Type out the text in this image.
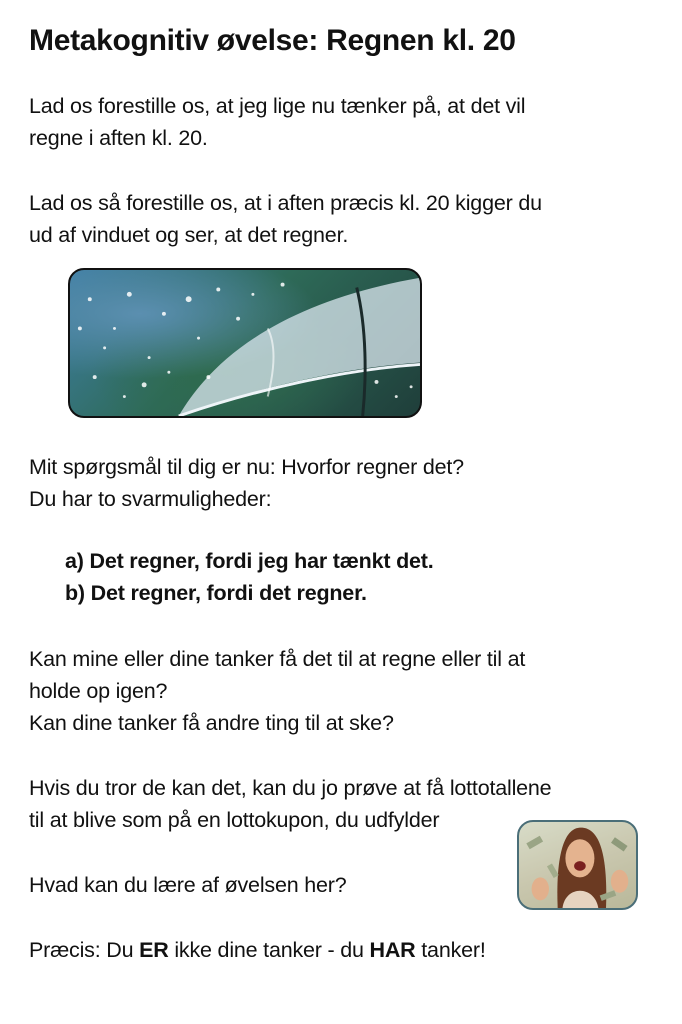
Metakognitiv øvelse: Regnen kl. 20
Lad os forestille os, at jeg lige nu tænker på, at det vil
regne i aften kl. 20.
Lad os så forestille os, at i aften præcis kl. 20 kigger du
ud af vinduet og ser, at det regner.
Mit spørgsmål til dig er nu: Hvorfor regner det?
Du har to svarmuligheder:
a) Det regner, fordi jeg har tænkt det.
b) Det regner, fordi det regner.
Kan mine eller dine tanker få det til at regne eller til at
holde op igen?
Kan dine tanker få andre ting til at ske?
Hvis du tror de kan det, kan du jo prøve at få lottotallene
til at blive som på en lottokupon, du udfylder
Hvad kan du lære af øvelsen her?
Præcis: Du ER ikke dine tanker - du HAR tanker!
